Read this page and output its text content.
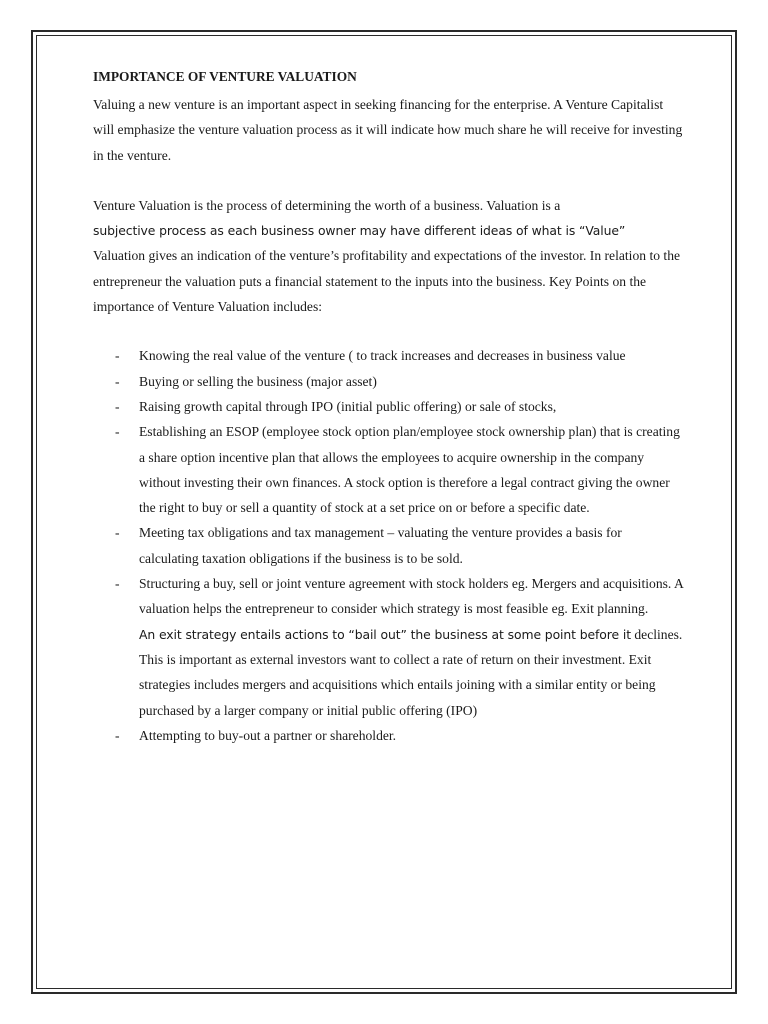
IMPORTANCE OF VENTURE VALUATION

Valuing a new venture is an important aspect in seeking financing for the enterprise. A Venture Capitalist will emphasize the venture valuation process as it will indicate how much share he will receive for investing in the venture.

Venture Valuation is the process of determining the worth of a business. Valuation is a
subjective process as each business owner may have different ideas of what is “Value”
Valuation gives an indication of the venture’s profitability and expectations of the investor. In relation to the entrepreneur the valuation puts a financial statement to the inputs into the business. Key Points on the importance of Venture Valuation includes:

- Knowing the real value of the venture ( to track increases and decreases in business value
- Buying or selling the business (major asset)
- Raising growth capital through IPO (initial public offering) or sale of stocks,
- Establishing an ESOP (employee stock option plan/employee stock ownership plan) that is creating a share option incentive plan that allows the employees to acquire ownership in the company without investing their own finances. A stock option is therefore a legal contract giving the owner the right to buy or sell a quantity of stock at a set price on or before a specific date.
- Meeting tax obligations and tax management – valuating the venture provides a basis for calculating taxation obligations if the business is to be sold.
- Structuring a buy, sell or joint venture agreement with stock holders eg. Mergers and acquisitions. A valuation helps the entrepreneur to consider which strategy is most feasible eg. Exit planning.
An exit strategy entails actions to “bail out” the business at some point before it declines. This is important as external investors want to collect a rate of return on their investment. Exit strategies includes mergers and acquisitions which entails joining with a similar entity or being purchased by a larger company or initial public offering (IPO)
- Attempting to buy-out a partner or shareholder.
